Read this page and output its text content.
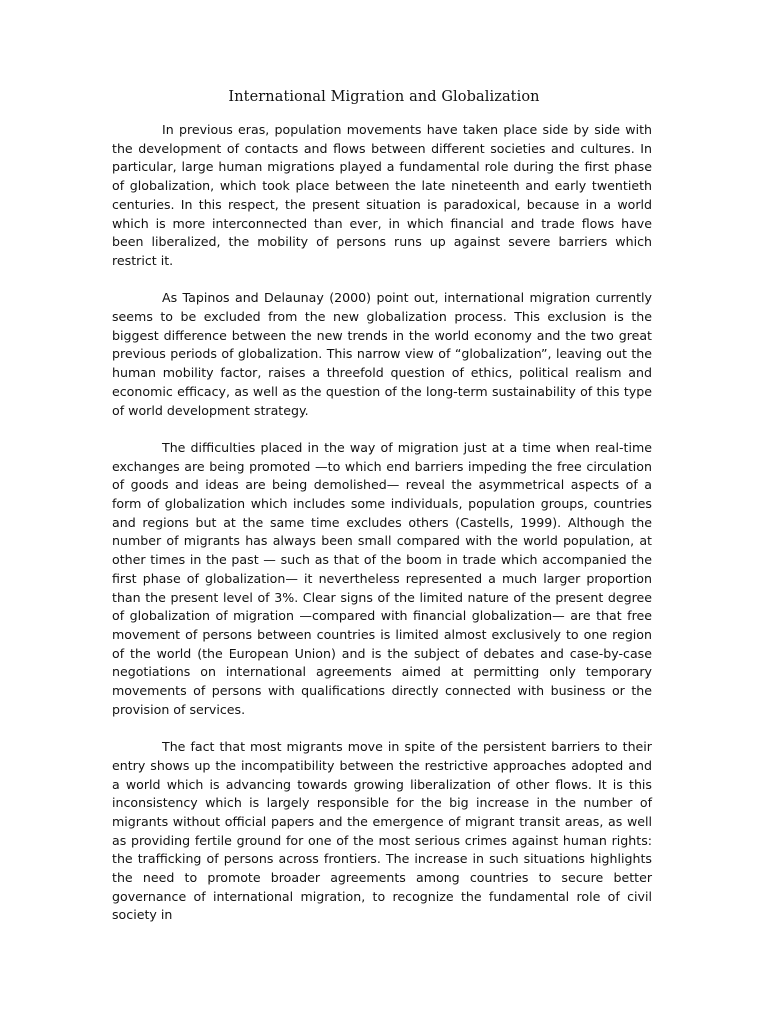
International Migration and Globalization

In previous eras, population movements have taken place side by side with the development of contacts and flows between different societies and cultures. In particular, large human migrations played a fundamental role during the first phase of globalization, which took place between the late nineteenth and early twentieth centuries. In this respect, the present situation is paradoxical, because in a world which is more interconnected than ever, in which financial and trade flows have been liberalized, the mobility of persons runs up against severe barriers which restrict it.

As Tapinos and Delaunay (2000) point out, international migration currently seems to be excluded from the new globalization process. This exclusion is the biggest difference between the new trends in the world economy and the two great previous periods of globalization. This narrow view of “globalization”, leaving out the human mobility factor, raises a threefold question of ethics, political realism and economic efficacy, as well as the question of the long-term sustainability of this type of world development strategy.

The difficulties placed in the way of migration just at a time when real-time exchanges are being promoted —to which end barriers impeding the free circulation of goods and ideas are being demolished— reveal the asymmetrical aspects of a form of globalization which includes some individuals, population groups, countries and regions but at the same time excludes others (Castells, 1999). Although the number of migrants has always been small compared with the world population, at other times in the past — such as that of the boom in trade which accompanied the first phase of globalization— it nevertheless represented a much larger proportion than the present level of 3%. Clear signs of the limited nature of the present degree of globalization of migration —compared with financial globalization— are that free movement of persons between countries is limited almost exclusively to one region of the world (the European Union) and is the subject of debates and case-by-case negotiations on international agreements aimed at permitting only temporary movements of persons with qualifications directly connected with business or the provision of services.

The fact that most migrants move in spite of the persistent barriers to their entry shows up the incompatibility between the restrictive approaches adopted and a world which is advancing towards growing liberalization of other flows. It is this inconsistency which is largely responsible for the big increase in the number of migrants without official papers and the emergence of migrant transit areas, as well as providing fertile ground for one of the most serious crimes against human rights: the trafficking of persons across frontiers. The increase in such situations highlights the need to promote broader agreements among countries to secure better governance of international migration, to recognize the fundamental role of civil society in
